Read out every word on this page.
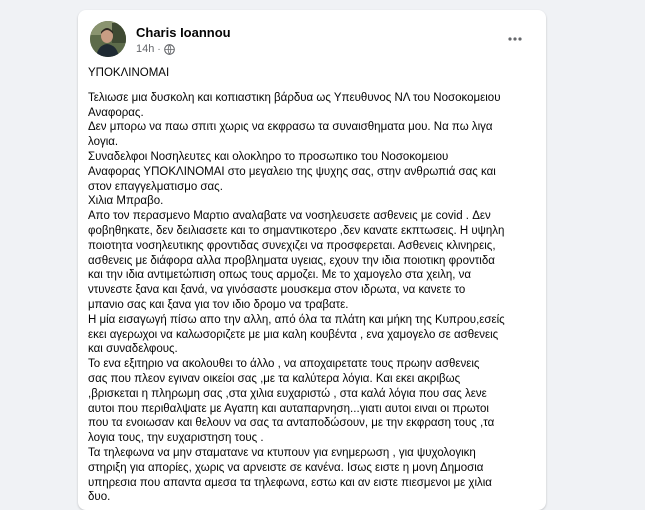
Charis Ioannou
14h ·

ΥΠΟΚΛΙΝΟΜΑΙ

Τελιωσε μια δυσκολη και κοπιαστικη βάρδυα ως Υπευθυνος ΝΛ του Νοσοκομειου
Αναφορας.
Δεν μπορω να παω σπιτι χωρις να εκφρασω τα συναισθηματα μου. Να πω λιγα
λογια.
Συναδελφοι Νοσηλευτες και ολοκληρο το προσωπικο του Νοσοκομειου
Αναφορας ΥΠΟΚΛΙΝΟΜΑΙ στο μεγαλειο της ψυχης σας, στην ανθρωπιά σας και
στον επαγγελματισμο σας.
Χιλια Μπραβο.
Απο τον περασμενο Μαρτιο αναλαβατε να νοσηλευσετε ασθενεις με covid . Δεν
φοβηθηκατε, δεν δειλιασετε και το σημαντικοτερο ,δεν κανατε εκπτωσεις. Η υψηλη
ποιοτητα νοσηλευτικης φροντιδας συνεχιζει να προσφερεται. Ασθενεις κλινηρεις,
ασθενεις με διάφορα αλλα προβληματα υγειας, εχουν την ιδια ποιοτικη φροντιδα
και την ιδια αντιμετώπιση οπως τους αρμοζει. Με το χαμογελο στα χειλη, να
ντυνεστε ξανα και ξανά, να γινόσαστε μουσκεμα στον ιδρωτα, να κανετε το
μπανιο σας και ξανα για τον ιδιο δρομο να τραβατε.
Η μία εισαγωγή πίσω απο την αλλη, από όλα τα πλάτη και μήκη της Κυπρου,εσείς
εκει αγερωχοι να καλωσοριζετε με μια καλη κουβέντα , ενα χαμογελο σε ασθενεις
και συναδελφους.
Το ενα εξιτηριο να ακολουθει το άλλο , να αποχαιρετατε τους πρωην ασθενεις
σας που πλεον εγιναν οικείοι σας ,με τα καλύτερα λόγια. Και εκει ακριβως
,βρισκεται η πληρωμη σας ,στα χιλια ευχαριστώ , στα καλά λόγια που σας λενε
αυτοι που περιθαλψατε με Αγαπη και αυταπαρνηση...γιατι αυτοι ειναι οι πρωτοι
που τα ενοιωσαν και θελουν να σας τα ανταποδώσουν, με την εκφραση τους ,τα
λογια τους, την ευχαριστηση τους .
Τα τηλεφωνα να μην σταματανε να κτυπουν για ενημερωση , για ψυχολογικη
στηριξη για απορίες, χωρις να αρνειστε σε κανένα. Ισως ειστε η μονη Δημοσια
υπηρεσια που απαντα αμεσα τα τηλεφωνα, εστω και αν ειστε πιεσμενοι με χιλια
δυο.
